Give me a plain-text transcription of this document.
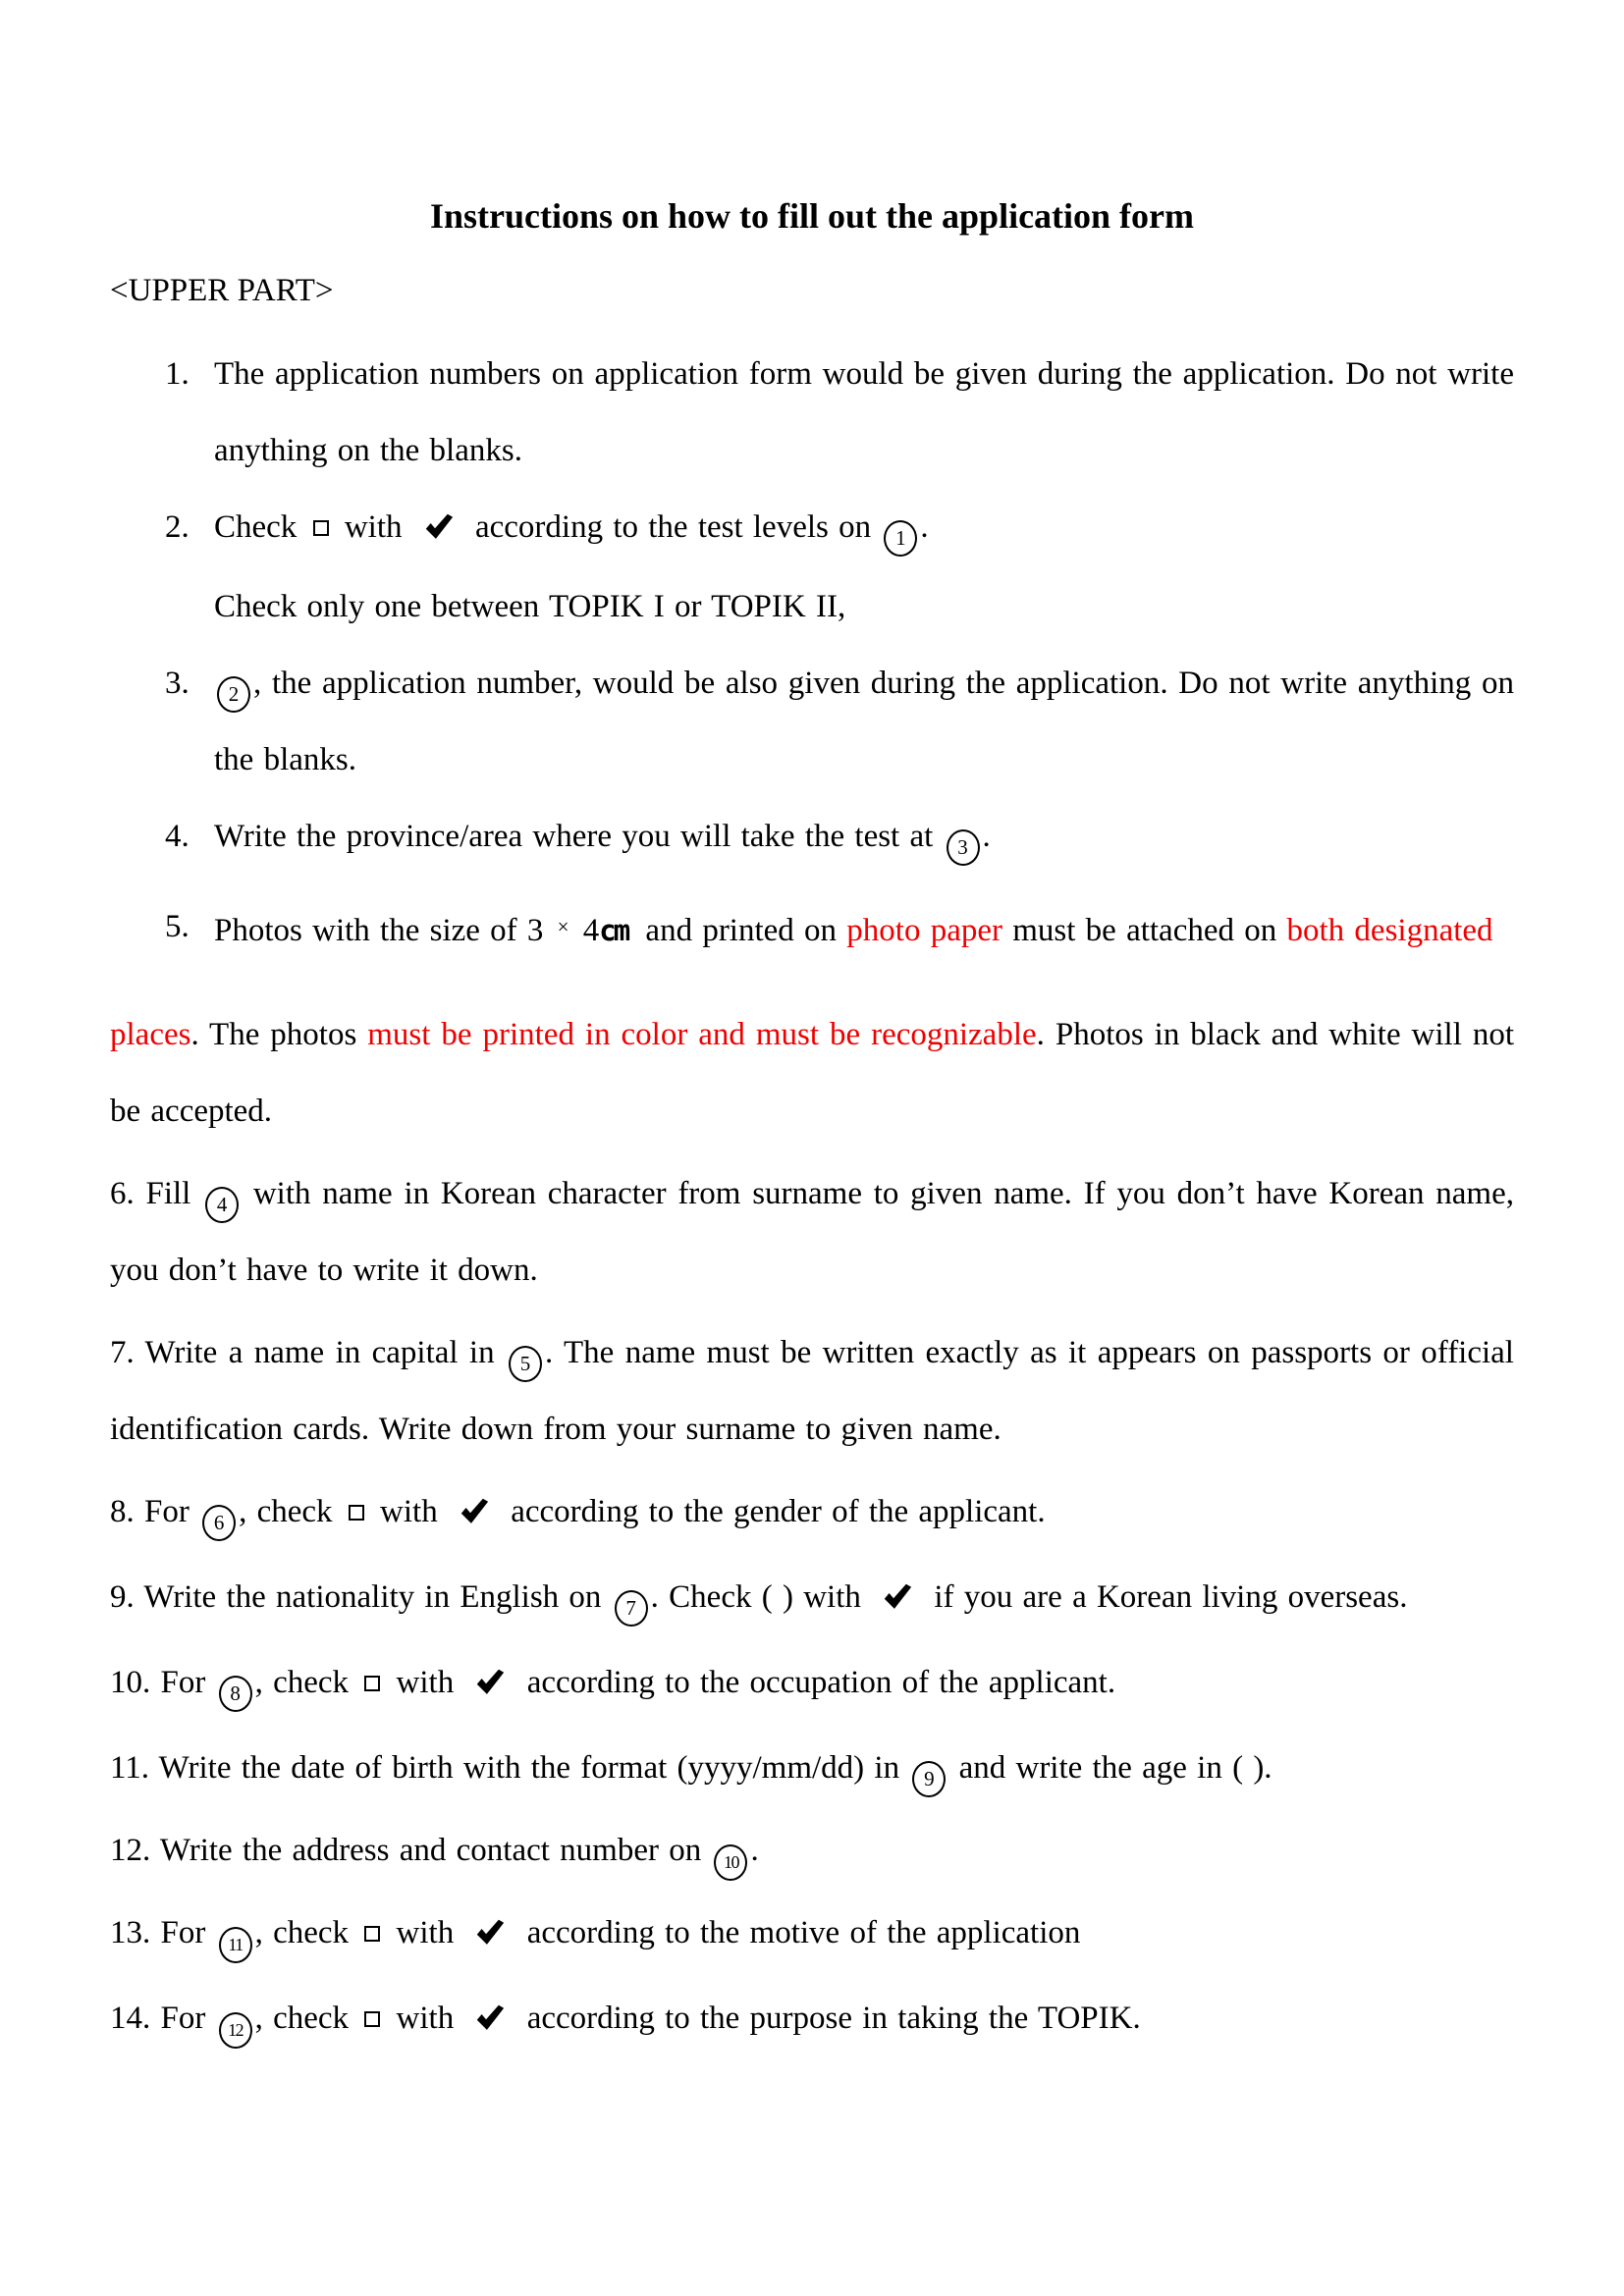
Instructions on how to fill out the application form
<UPPER PART>

1. The application numbers on application form would be given during the application. Do not write anything on the blanks.

2. Check  with  according to the test levels on 1 .
Check only one between TOPIK I or TOPIK II,

3. 2 , the application number, would be also given during the application. Do not write anything on the blanks.

4. Write the province/area where you will take the test at 3 .

5. Photos with the size of 3 × 4cm and printed on photo paper must be attached on both designated

places. The photos must be printed in color and must be recognizable. Photos in black and white will not be accepted.

6. Fill 4 with name in Korean character from surname to given name. If you don’t have Korean name, you don’t have to write it down.

7. Write a name in capital in 5 . The name must be written exactly as it appears on passports or official identification cards. Write down from your surname to given name.

8. For 6 , check  with  according to the gender of the applicant.

9. Write the nationality in English on 7 . Check ( ) with  if you are a Korean living overseas.

10. For 8 , check  with  according to the occupation of the applicant.

11. Write the date of birth with the format (yyyy/mm/dd) in 9 and write the age in ( ).

12. Write the address and contact number on 10 .

13. For 11 , check  with  according to the motive of the application

14. For 12 , check  with  according to the purpose in taking the TOPIK.
